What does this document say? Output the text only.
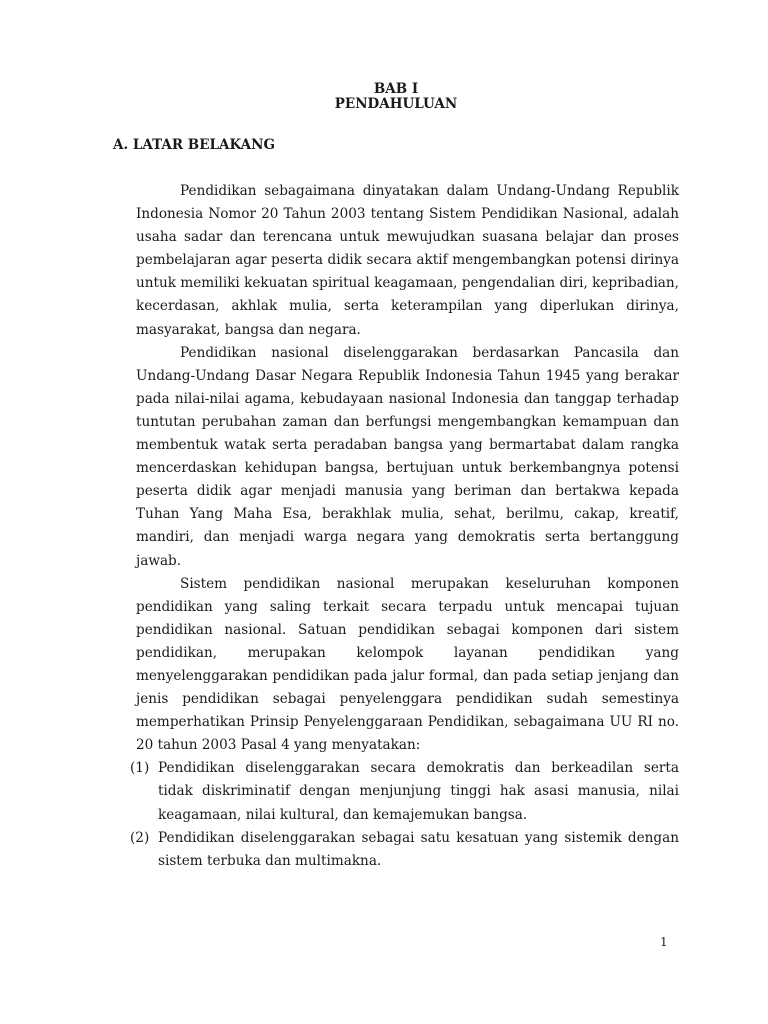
BAB I
PENDAHULUAN
A. LATAR BELAKANG

Pendidikan sebagaimana dinyatakan dalam Undang-Undang Republik Indonesia Nomor 20 Tahun 2003 tentang Sistem Pendidikan Nasional, adalah usaha sadar dan terencana untuk mewujudkan suasana belajar dan proses pembelajaran agar peserta didik secara aktif mengembangkan potensi dirinya untuk memiliki kekuatan spiritual keagamaan, pengendalian diri, kepribadian, kecerdasan, akhlak mulia, serta keterampilan yang diperlukan dirinya, masyarakat, bangsa dan negara.

Pendidikan nasional diselenggarakan berdasarkan Pancasila dan Undang-Undang Dasar Negara Republik Indonesia Tahun 1945 yang berakar pada nilai-nilai agama, kebudayaan nasional Indonesia dan tanggap terhadap tuntutan perubahan zaman dan berfungsi mengembangkan kemampuan dan membentuk watak serta peradaban bangsa yang bermartabat dalam rangka mencerdaskan kehidupan bangsa, bertujuan untuk berkembangnya potensi peserta didik agar menjadi manusia yang beriman dan bertakwa kepada Tuhan Yang Maha Esa, berakhlak mulia, sehat, berilmu, cakap, kreatif, mandiri, dan menjadi warga negara yang demokratis serta bertanggung jawab.

Sistem pendidikan nasional merupakan keseluruhan komponen pendidikan yang saling terkait secara terpadu untuk mencapai tujuan pendidikan nasional. Satuan pendidikan sebagai komponen dari sistem pendidikan, merupakan kelompok layanan pendidikan yang menyelenggarakan pendidikan pada jalur formal, dan pada setiap jenjang dan jenis pendidikan sebagai penyelenggara pendidikan sudah semestinya memperhatikan Prinsip Penyelenggaraan Pendidikan, sebagaimana UU RI no. 20 tahun 2003 Pasal 4 yang menyatakan:

(1) Pendidikan diselenggarakan secara demokratis dan berkeadilan serta tidak diskriminatif dengan menjunjung tinggi hak asasi manusia, nilai keagamaan, nilai kultural, dan kemajemukan bangsa.
(2) Pendidikan diselenggarakan sebagai satu kesatuan yang sistemik dengan sistem terbuka dan multimakna.
1
